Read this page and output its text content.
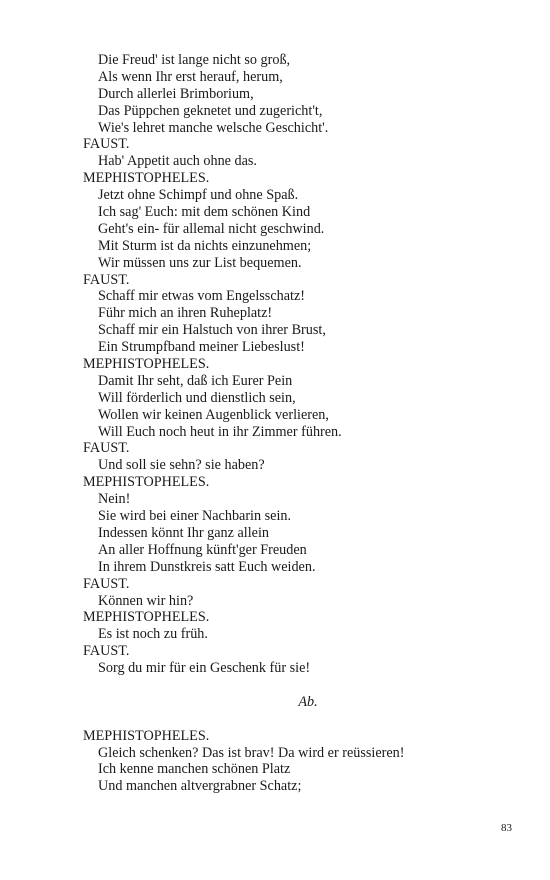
Die Freud' ist lange nicht so groß,
Als wenn Ihr erst herauf, herum,
Durch allerlei Brimborium,
Das Püppchen geknetet und zugericht't,
Wie's lehret manche welsche Geschicht'.
FAUST.
Hab' Appetit auch ohne das.
MEPHISTOPHELES.
Jetzt ohne Schimpf und ohne Spaß.
Ich sag' Euch: mit dem schönen Kind
Geht's ein- für allemal nicht geschwind.
Mit Sturm ist da nichts einzunehmen;
Wir müssen uns zur List bequemen.
FAUST.
Schaff mir etwas vom Engelsschatz!
Führ mich an ihren Ruheplatz!
Schaff mir ein Halstuch von ihrer Brust,
Ein Strumpfband meiner Liebeslust!
MEPHISTOPHELES.
Damit Ihr seht, daß ich Eurer Pein
Will förderlich und dienstlich sein,
Wollen wir keinen Augenblick verlieren,
Will Euch noch heut in ihr Zimmer führen.
FAUST.
Und soll sie sehn? sie haben?
MEPHISTOPHELES.
Nein!
Sie wird bei einer Nachbarin sein.
Indessen könnt Ihr ganz allein
An aller Hoffnung künft'ger Freuden
In ihrem Dunstkreis satt Euch weiden.
FAUST.
Können wir hin?
MEPHISTOPHELES.
Es ist noch zu früh.
FAUST.
Sorg du mir für ein Geschenk für sie!
Ab.
MEPHISTOPHELES.
Gleich schenken? Das ist brav! Da wird er reüssieren!
Ich kenne manchen schönen Platz
Und manchen altvergrabner Schatz;
83
